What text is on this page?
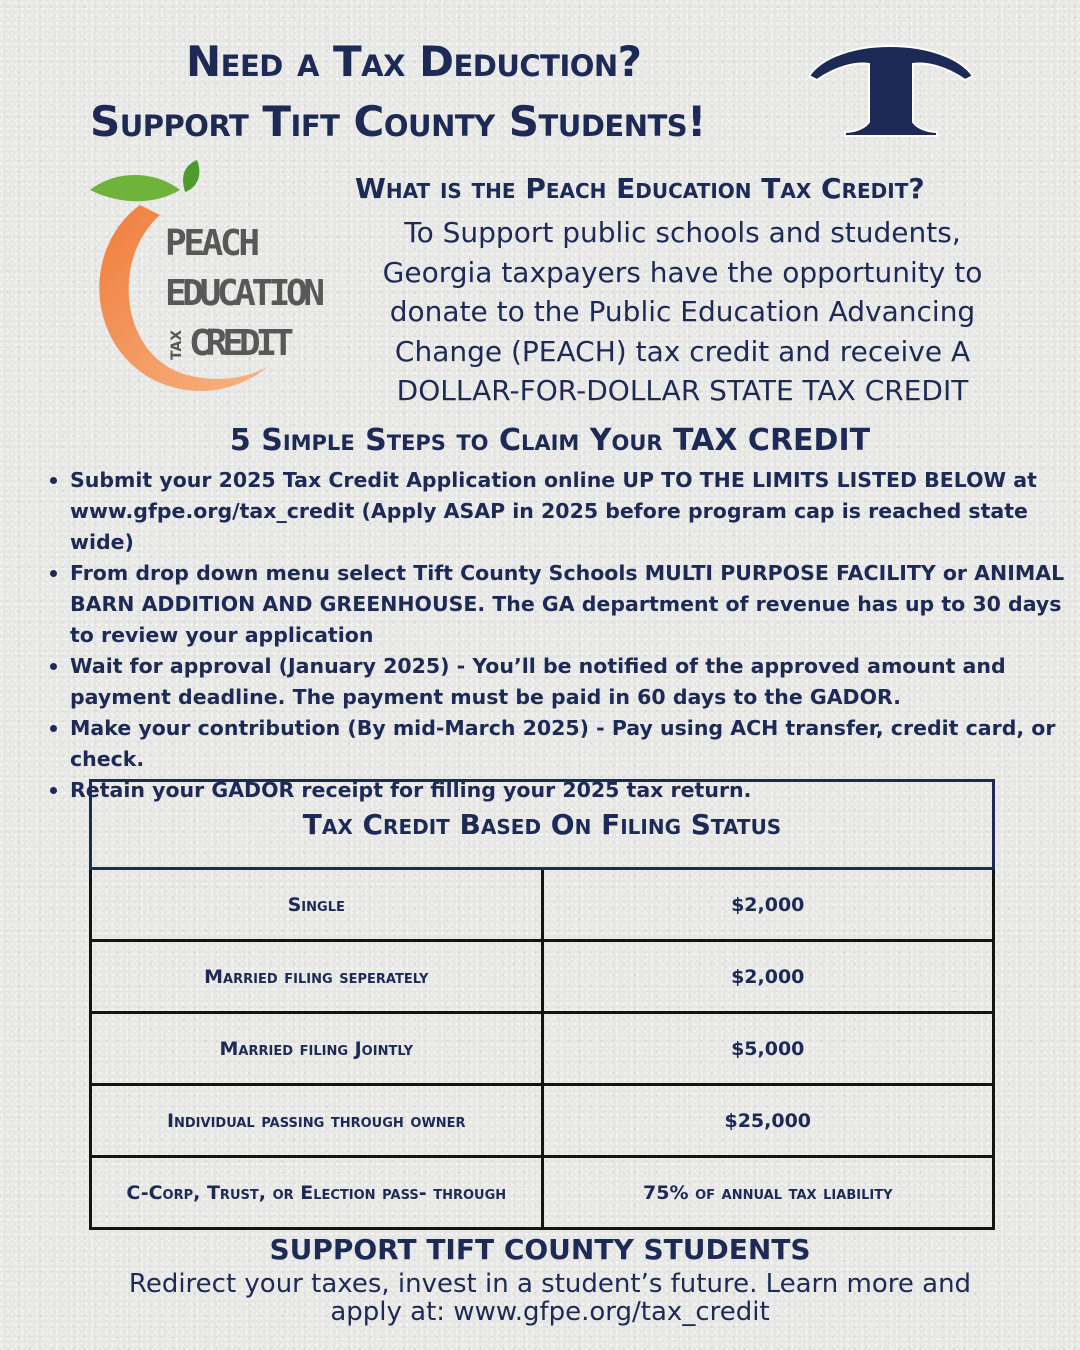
Need a Tax Deduction?
Support Tift County Students!
PEACH
EDUCATION
TAX CREDIT
What is the Peach Education Tax Credit?
To Support public schools and students, Georgia taxpayers have the opportunity to donate to the Public Education Advancing Change (PEACH) tax credit and receive A DOLLAR-FOR-DOLLAR STATE TAX CREDIT
5 Simple Steps to Claim Your TAX CREDIT
Submit your 2025 Tax Credit Application online UP TO THE LIMITS LISTED BELOW at www.gfpe.org/tax_credit (Apply ASAP in 2025 before program cap is reached state wide)
From drop down menu select Tift County Schools MULTI PURPOSE FACILITY or ANIMAL BARN ADDITION AND GREENHOUSE. The GA department of revenue has up to 30 days to review your application
Wait for approval (January 2025) - You’ll be notified of the approved amount and payment deadline. The payment must be paid in 60 days to the GADOR.
Make your contribution (By mid-March 2025) - Pay using ACH transfer, credit card, or check.
Retain your GADOR receipt for filling your 2025 tax return.
Tax Credit Based On Filing Status	
Single	$2,000
Married filing seperately	$2,000
Married filing Jointly	$5,000
Individual passing through owner	$25,000
C-Corp, Trust, or Election pass- through	75% of annual tax liability
SUPPORT TIFT COUNTY STUDENTS
Redirect your taxes, invest in a student’s future. Learn more and apply at: www.gfpe.org/tax_credit
